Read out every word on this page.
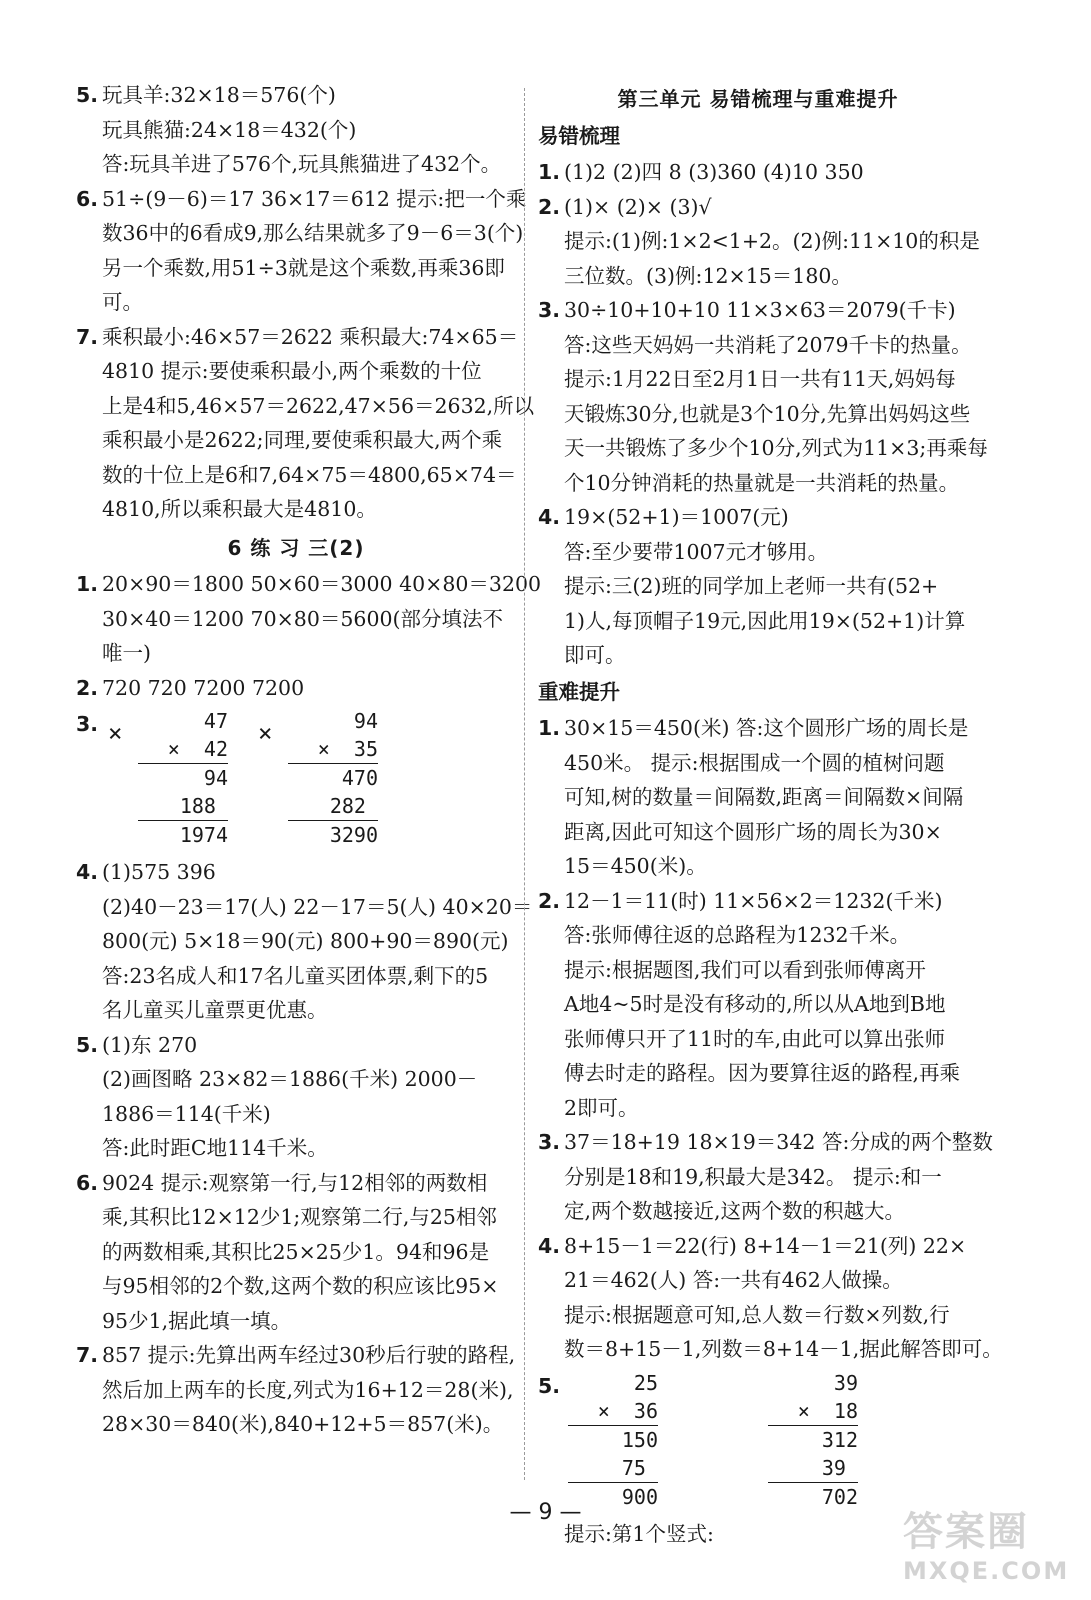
5. 玩具羊:32×18＝576(个)
玩具熊猫:24×18＝432(个)
答:玩具羊进了576个,玩具熊猫进了432个。
6. 51÷(9－6)＝17 36×17＝612 提示:把一个乘
数36中的6看成9,那么结果就多了9－6＝3(个)
另一个乘数,用51÷3就是这个乘数,再乘36即
可。
7. 乘积最小:46×57＝2622 乘积最大:74×65＝
4810 提示:要使乘积最小,两个乘数的十位
上是4和5,46×57＝2622,47×56＝2632,所以
乘积最小是2622;同理,要使乘积最大,两个乘
数的十位上是6和7,64×75＝4800,65×74＝
4810,所以乘积最大是4810。
6 练 习 三(2)
1. 20×90＝1800 50×60＝3000 40×80＝3200
30×40＝1200 70×80＝5600(部分填法不
唯一)
2. 720 720 7200 7200
3. ×	47
×  42
94
188
1974
×	94
×  35
470
282
3290
4. (1)575 396
(2)40－23＝17(人) 22－17＝5(人) 40×20＝
800(元) 5×18＝90(元) 800+90＝890(元)
答:23名成人和17名儿童买团体票,剩下的5
名儿童买儿童票更优惠。
5. (1)东 270
(2)画图略 23×82＝1886(千米) 2000－
1886＝114(千米)
答:此时距C地114千米。
6. 9024 提示:观察第一行,与12相邻的两数相
乘,其积比12×12少1;观察第二行,与25相邻
的两数相乘,其积比25×25少1。94和96是
与95相邻的2个数,这两个数的积应该比95×
95少1,据此填一填。
7. 857 提示:先算出两车经过30秒后行驶的路程,
然后加上两车的长度,列式为16+12＝28(米),
28×30＝840(米),840+12+5＝857(米)。
第三单元 易错梳理与重难提升
易错梳理
1. (1)2 (2)四 8 (3)360 (4)10 350
2. (1)× (2)× (3)√
提示:(1)例:1×2<1+2。(2)例:11×10的积是
三位数。(3)例:12×15＝180。
3. 30÷10+10+10 11×3×63＝2079(千卡)
答:这些天妈妈一共消耗了2079千卡的热量。
提示:1月22日至2月1日一共有11天,妈妈每
天锻炼30分,也就是3个10分,先算出妈妈这些
天一共锻炼了多少个10分,列式为11×3;再乘每
个10分钟消耗的热量就是一共消耗的热量。
4. 19×(52+1)＝1007(元)
答:至少要带1007元才够用。
提示:三(2)班的同学加上老师一共有(52+
1)人,每顶帽子19元,因此用19×(52+1)计算
即可。
重难提升
1. 30×15＝450(米) 答:这个圆形广场的周长是
450米。 提示:根据围成一个圆的植树问题
可知,树的数量＝间隔数,距离＝间隔数×间隔
距离,因此可知这个圆形广场的周长为30×
15＝450(米)。
2. 12－1＝11(时) 11×56×2＝1232(千米)
答:张师傅往返的总路程为1232千米。
提示:根据题图,我们可以看到张师傅离开
A地4~5时是没有移动的,所以从A地到B地
张师傅只开了11时的车,由此可以算出张师
傅去时走的路程。因为要算往返的路程,再乘
2即可。
3. 37＝18+19 18×19＝342 答:分成的两个整数
分别是18和19,积最大是342。 提示:和一
定,两个数越接近,这两个数的积越大。
4. 8+15－1＝22(行) 8+14－1＝21(列) 22×
21＝462(人) 答:一共有462人做操。
提示:根据题意可知,总人数＝行数×列数,行
数＝8+15－1,列数＝8+14－1,据此解答即可。
5.	25
×  36
150
75
900
39
×  18
312
39
702
提示:第1个竖式:
— 9 —	答案圈
MXQE.COM
